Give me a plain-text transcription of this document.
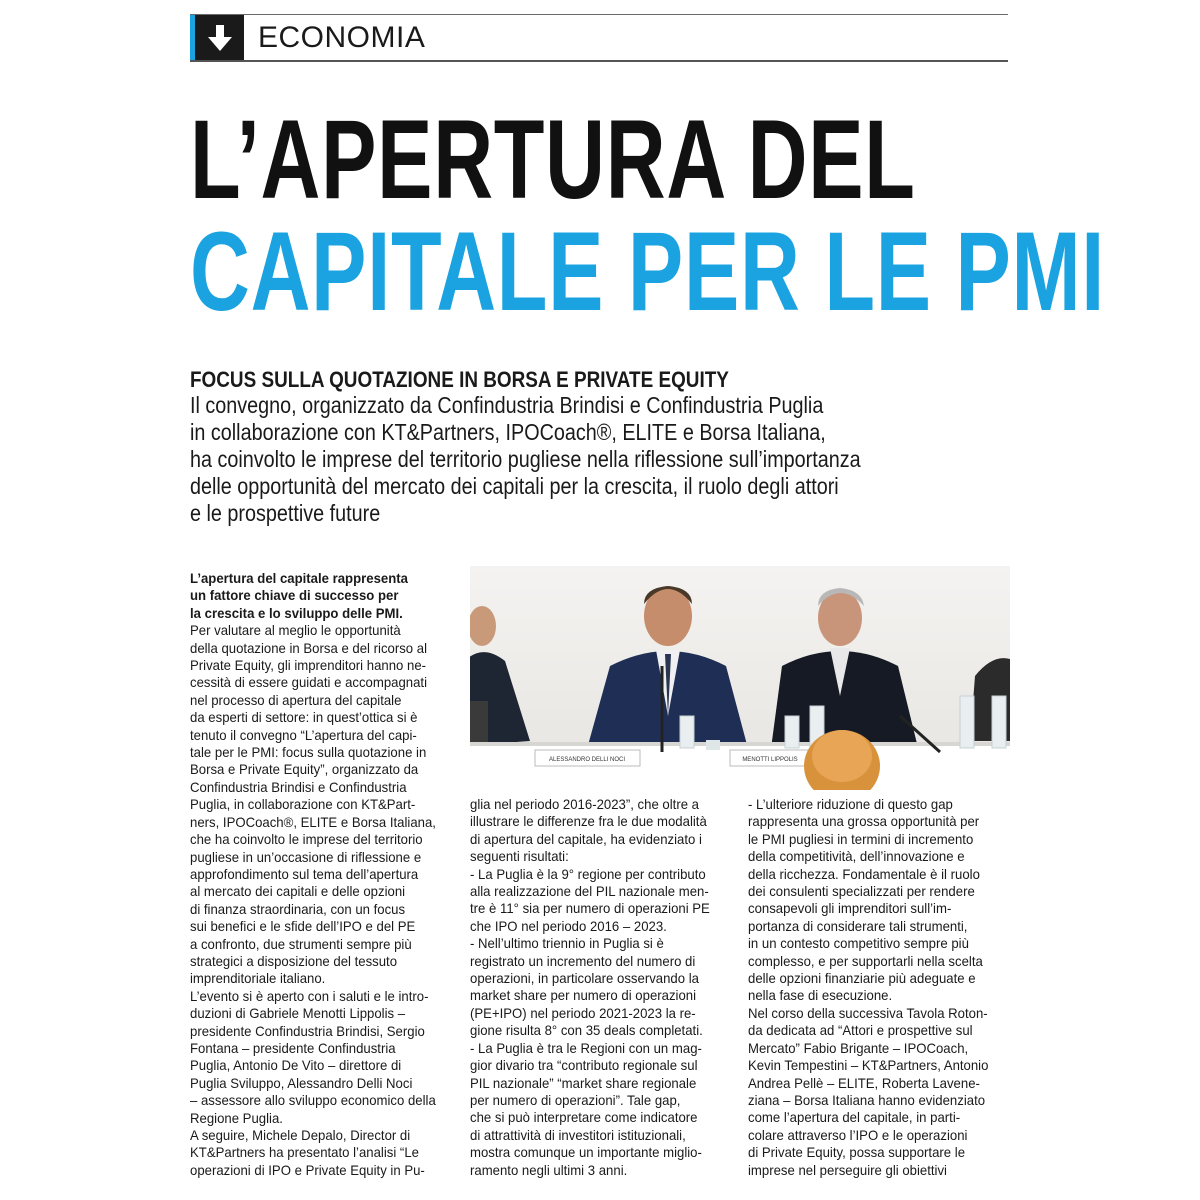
ECONOMIA
L’APERTURA DEL
CAPITALE PER LE PMI
FOCUS SULLA QUOTAZIONE IN BORSA E PRIVATE EQUITY
Il convegno, organizzato da Confindustria Brindisi e Confindustria Puglia
in collaborazione con KT&Partners, IPOCoach®, ELITE e Borsa Italiana,
ha coinvolto le imprese del territorio pugliese nella riflessione sull’importanza
delle opportunità del mercato dei capitali per la crescita, il ruolo degli attori
e le prospettive future
ALESSANDRO DELLI NOCI	MENOTTI LIPPOLIS
L’apertura del capitale rappresenta
un fattore chiave di successo per
la crescita e lo sviluppo delle PMI.
Per valutare al meglio le opportunità
della quotazione in Borsa e del ricorso al
Private Equity, gli imprenditori hanno ne-
cessità di essere guidati e accompagnati
nel processo di apertura del capitale
da esperti di settore: in quest’ottica si è
tenuto il convegno “L’apertura del capi-
tale per le PMI: focus sulla quotazione in
Borsa e Private Equity”, organizzato da
Confindustria Brindisi e Confindustria
Puglia, in collaborazione con KT&Part-
ners, IPOCoach®, ELITE e Borsa Italiana,
che ha coinvolto le imprese del territorio
pugliese in un’occasione di riflessione e
approfondimento sul tema dell’apertura
al mercato dei capitali e delle opzioni
di finanza straordinaria, con un focus
sui benefici e le sfide dell’IPO e del PE
a confronto, due strumenti sempre più
strategici a disposizione del tessuto
imprenditoriale italiano.
L’evento si è aperto con i saluti e le intro-
duzioni di Gabriele Menotti Lippolis –
presidente Confindustria Brindisi, Sergio
Fontana – presidente Confindustria
Puglia, Antonio De Vito – direttore di
Puglia Sviluppo, Alessandro Delli Noci
– assessore allo sviluppo economico della
Regione Puglia.
A seguire, Michele Depalo, Director di
KT&Partners ha presentato l’analisi “Le
operazioni di IPO e Private Equity in Pu-
glia nel periodo 2016-2023”, che oltre a
illustrare le differenze fra le due modalità
di apertura del capitale, ha evidenziato i
seguenti risultati:
- La Puglia è la 9° regione per contributo
alla realizzazione del PIL nazionale men-
tre è 11° sia per numero di operazioni PE
che IPO nel periodo 2016 – 2023.
- Nell’ultimo triennio in Puglia si è
registrato un incremento del numero di
operazioni, in particolare osservando la
market share per numero di operazioni
(PE+IPO) nel periodo 2021-2023 la re-
gione risulta 8° con 35 deals completati.
- La Puglia è tra le Regioni con un mag-
gior divario tra “contributo regionale sul
PIL nazionale” “market share regionale
per numero di operazioni”. Tale gap,
che si può interpretare come indicatore
di attrattività di investitori istituzionali,
mostra comunque un importante miglio-
ramento negli ultimi 3 anni.
- L’ulteriore riduzione di questo gap
rappresenta una grossa opportunità per
le PMI pugliesi in termini di incremento
della competitività, dell’innovazione e
della ricchezza. Fondamentale è il ruolo
dei consulenti specializzati per rendere
consapevoli gli imprenditori sull’im-
portanza di considerare tali strumenti,
in un contesto competitivo sempre più
complesso, e per supportarli nella scelta
delle opzioni finanziarie più adeguate e
nella fase di esecuzione.
Nel corso della successiva Tavola Roton-
da dedicata ad “Attori e prospettive sul
Mercato” Fabio Brigante – IPOCoach,
Kevin Tempestini – KT&Partners, Antonio
Andrea Pellè – ELITE, Roberta Lavene-
ziana – Borsa Italiana hanno evidenziato
come l’apertura del capitale, in parti-
colare attraverso l’IPO e le operazioni
di Private Equity, possa supportare le
imprese nel perseguire gli obiettivi
